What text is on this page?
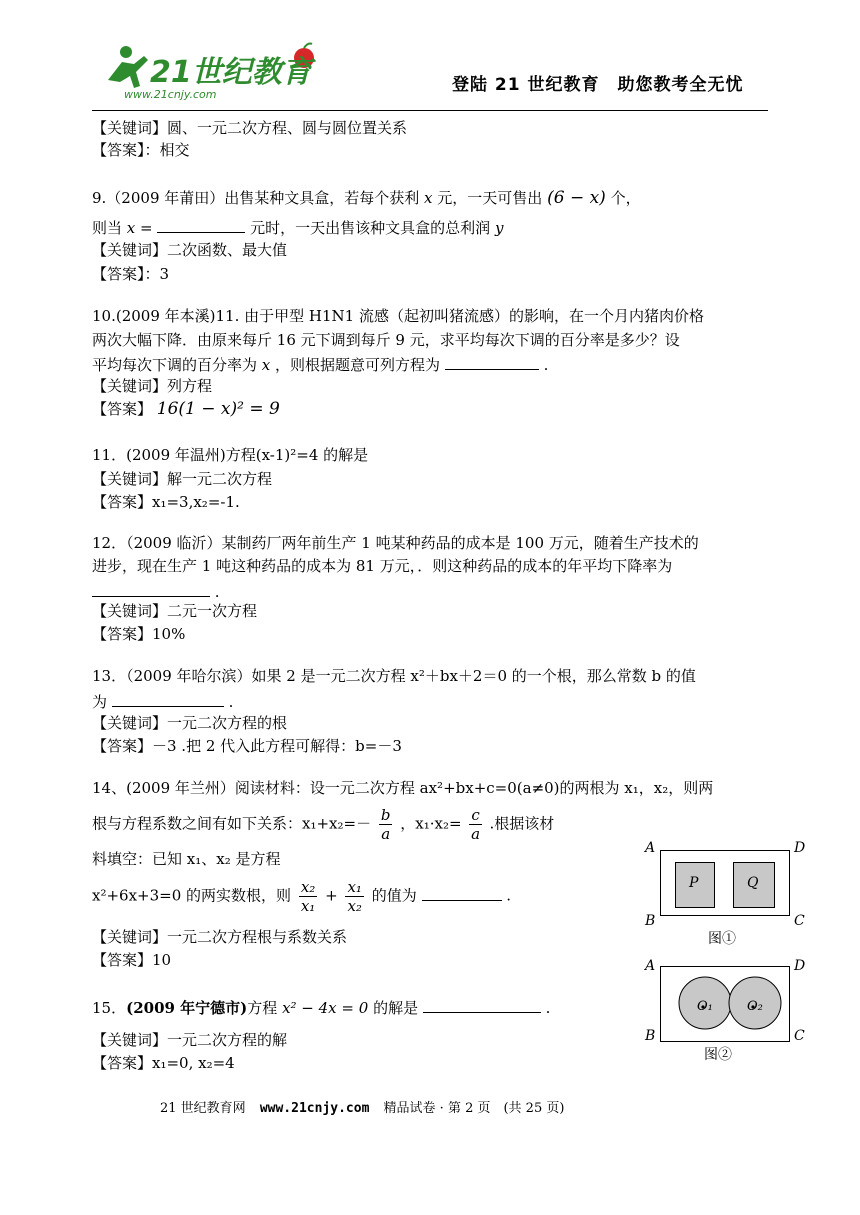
21世纪教育
www.21cnjy.com	登陆 21 世纪教育　助您教考全无忧
【关键词】圆、一元二次方程、圆与圆位置关系
【答案】：相交
9.（2009 年莆田）出售某种文具盒，若每个获利 x 元，一天可售出 (6 − x) 个，
则当 x =	元时，一天出售该种文具盒的总利润 y
【关键词】二次函数、最大值
【答案】：3
10.(2009 年本溪)11. 由于甲型 H1N1 流感（起初叫猪流感）的影响，在一个月内猪肉价格
两次大幅下降．由原来每斤 16 元下调到每斤 9 元，求平均每次下调的百分率是多少？设
平均每次下调的百分率为 x ，则根据题意可列方程为	.
【关键词】列方程
【答案】 16(1 − x)² = 9
11．(2009 年温州)方程(x-1)²=4 的解是
【关键词】解一元二次方程
【答案】x₁=3,x₂=-1.
12．（2009 临沂）某制药厂两年前生产 1 吨某种药品的成本是 100 万元，随着生产技术的
进步，现在生产 1 吨这种药品的成本为 81 万元，．则这种药品的成本的年平均下降率为
.
【关键词】二元一次方程
【答案】10%
13．（2009 年哈尔滨）如果 2 是一元二次方程 x²＋bx＋2＝0 的一个根，那么常数 b 的值
为	.
【关键词】一元二次方程的根
【答案】－3 .把 2 代入此方程可解得：b=－3
14、(2009 年兰州）阅读材料：设一元二次方程 ax²+bx+c=0(a≠0)的两根为 x₁，x₂，则两
根与方程系数之间有如下关系：$x_1+x_2=- \frac{b}{a}$ ，$x_1\cdot x_2= \frac{c}{a}$ .根据该材
料填空：已知 x₁、x₂ 是方程
x²+6x+3=0 的两实数根，则 $\frac{\text{x₂}}{\text{x₁}} + \frac{\text{x₁}}{\text{x₂}}$ 的值为	.
【关键词】一元二次方程根与系数关系
【答案】10
15．(2009 年宁德市)方程 x² − 4x = 0 的解是	.
【关键词】一元二次方程的解
【答案】x₁=0, x₂=4
P	Q
A	D
B	C
图①
O₁	O₂
A	D
B	C
图②
21 世纪教育网 www.21cnjy.com 精品试卷 · 第 2 页　(共 25 页)
